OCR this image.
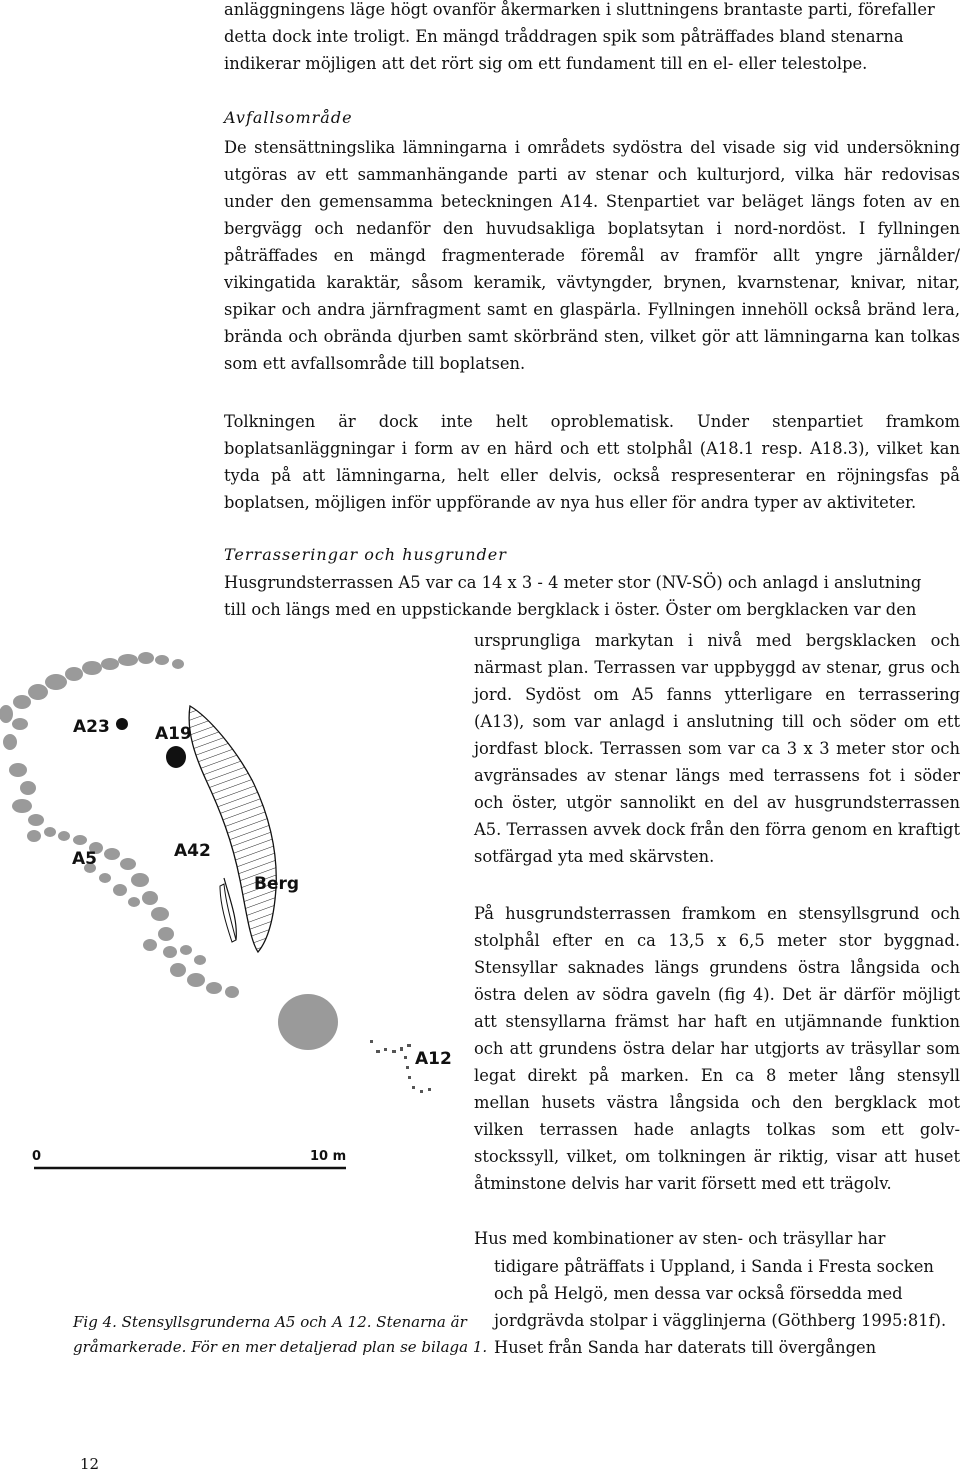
anläggningens läge högt ovanför åkermarken i sluttningens brantaste parti, förefaller

detta dock inte troligt. En mängd tråddragen spik som påträffades bland stenarna

indikerar möjligen att det rört sig om ett fundament till en el- eller telestolpe.

Avfallsområde

De stensättningslika lämningarna i områdets sydöstra del visade sig vid undersökning utgöras av ett sammanhängande parti av stenar och kulturjord, vilka här redovisas under den gemensamma beteckningen A14. Stenpartiet var beläget längs foten av en bergvägg och nedanför den huvudsakliga boplatsytan i nord-nordöst. I fyllningen påträffades en mängd fragmenterade föremål av framför allt yngre järnålder/ vikingatida karaktär, såsom keramik, vävtyngder, brynen, kvarnstenar, knivar, nitar, spikar och andra järnfragment samt en glaspärla. Fyllningen innehöll också bränd lera, brända och obrända djurben samt skörbränd sten, vilket gör att lämningarna kan tolkas som ett avfallsområde till boplatsen.

Tolkningen är dock inte helt oproblematisk. Under stenpartiet framkom boplatsanläggningar i form av en härd och ett stolphål (A18.1 resp. A18.3), vilket kan tyda på att lämningarna, helt eller delvis, också respresenterar en röjningsfas på boplatsen, möjligen inför uppförande av nya hus eller för andra typer av aktiviteter.

Terrasseringar och husgrunder

Husgrundsterrassen A5 var ca 14 x 3 - 4 meter stor (NV-SÖ) och anlagd i anslutning

till och längs med en uppstickande bergklack i öster. Öster om bergklacken var den

ursprungliga markytan i nivå med bergsklacken och närmast plan. Terrassen var uppbyggd av stenar, grus och jord. Sydöst om A5 fanns ytterligare en terrassering (A13), som var anlagd i anslutning till och söder om ett jordfast block. Terrassen som var ca 3 x 3 meter stor och avgränsades av stenar längs med terrassens fot i söder och öster, utgör sannolikt en del av husgrundsterrassen A5. Terrassen avvek dock från den förra genom en kraftigt sotfärgad yta med skärvsten.

På husgrundsterrassen framkom en stensyllsgrund och stolphål efter en ca 13,5 x 6,5 meter stor byggnad. Stensyllar saknades längs grundens östra långsida och östra delen av södra gaveln (fig 4). Det är därför möjligt att stensyllarna främst har haft en utjämnande funktion och att grundens östra delar har utgjorts av träsyllar som legat direkt på marken. En ca 8 meter lång stensyll mellan husets västra långsida och den bergklack mot vilken terrassen hade anlagts tolkas som ett golv-stockssyll, vilket, om tolkningen är riktig, visar att huset åtminstone delvis har varit försett med ett trägolv.

Hus med kombinationer av sten- och träsyllar har

tidigare påträffats i Uppland, i Sanda i Fresta socken

och på Helgö, men dessa var också försedda med

jordgrävda stolpar i vägglinjerna (Göthberg 1995:81f).

Huset från Sanda har daterats till övergången

A23	A19
A5	A42
Berg
A12
0	10 m

Fig 4. Stensyllsgrunderna A5 och A 12. Stenarna är

gråmarkerade. För en mer detaljerad plan se bilaga 1.

12
